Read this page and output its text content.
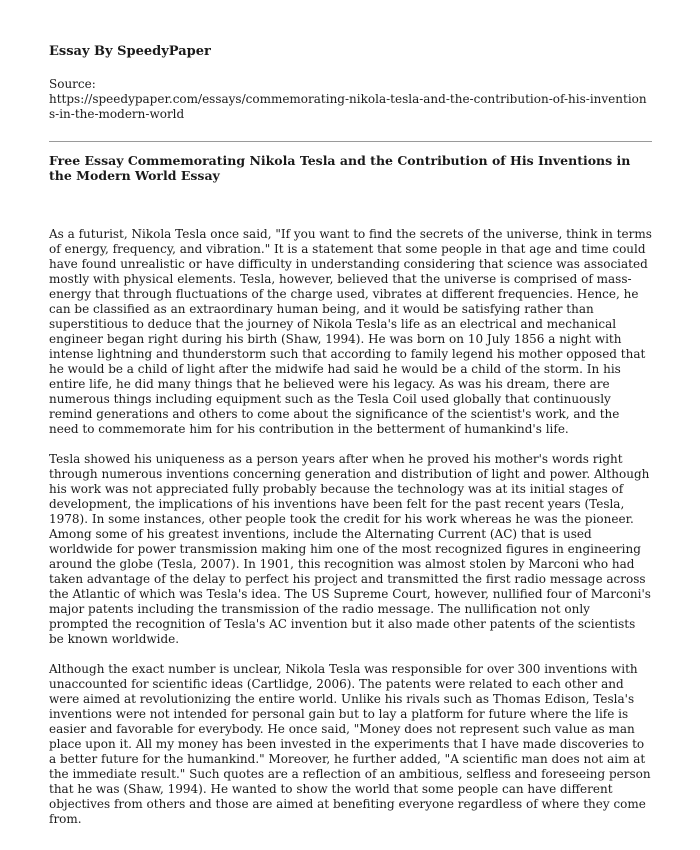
Essay By SpeedyPaper
Source:
https://speedypaper.com/essays/commemorating-nikola-tesla-and-the-contribution-of-his-inventions-in-the-modern-world
Free Essay Commemorating Nikola Tesla and the Contribution of His Inventions in the Modern World Essay

As a futurist, Nikola Tesla once said, "If you want to find the secrets of the universe, think in terms of energy, frequency, and vibration." It is a statement that some people in that age and time could have found unrealistic or have difficulty in understanding considering that science was associated mostly with physical elements. Tesla, however, believed that the universe is comprised of mass-energy that through fluctuations of the charge used, vibrates at different frequencies. Hence, he can be classified as an extraordinary human being, and it would be satisfying rather than superstitious to deduce that the journey of Nikola Tesla's life as an electrical and mechanical engineer began right during his birth (Shaw, 1994). He was born on 10 July 1856 a night with intense lightning and thunderstorm such that according to family legend his mother opposed that he would be a child of light after the midwife had said he would be a child of the storm. In his entire life, he did many things that he believed were his legacy. As was his dream, there are numerous things including equipment such as the Tesla Coil used globally that continuously remind generations and others to come about the significance of the scientist's work, and the need to commemorate him for his contribution in the betterment of humankind's life.

Tesla showed his uniqueness as a person years after when he proved his mother's words right through numerous inventions concerning generation and distribution of light and power. Although his work was not appreciated fully probably because the technology was at its initial stages of development, the implications of his inventions have been felt for the past recent years (Tesla, 1978). In some instances, other people took the credit for his work whereas he was the pioneer. Among some of his greatest inventions, include the Alternating Current (AC) that is used worldwide for power transmission making him one of the most recognized figures in engineering around the globe (Tesla, 2007). In 1901, this recognition was almost stolen by Marconi who had taken advantage of the delay to perfect his project and transmitted the first radio message across the Atlantic of which was Tesla's idea. The US Supreme Court, however, nullified four of Marconi's major patents including the transmission of the radio message. The nullification not only prompted the recognition of Tesla's AC invention but it also made other patents of the scientists be known worldwide.

Although the exact number is unclear, Nikola Tesla was responsible for over 300 inventions with unaccounted for scientific ideas (Cartlidge, 2006). The patents were related to each other and were aimed at revolutionizing the entire world. Unlike his rivals such as Thomas Edison, Tesla's inventions were not intended for personal gain but to lay a platform for future where the life is easier and favorable for everybody. He once said, "Money does not represent such value as man place upon it. All my money has been invested in the experiments that I have made discoveries to a better future for the humankind." Moreover, he further added, "A scientific man does not aim at the immediate result." Such quotes are a reflection of an ambitious, selfless and foreseeing person that he was (Shaw, 1994). He wanted to show the world that some people can have different objectives from others and those are aimed at benefiting everyone regardless of where they come from.
